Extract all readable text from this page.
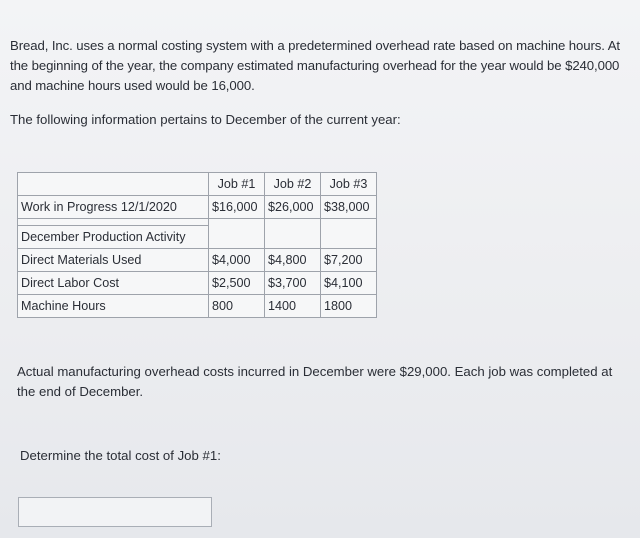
Bread, Inc. uses a normal costing system with a predetermined overhead rate based on machine hours. At the beginning of the year, the company estimated manufacturing overhead for the year would be $240,000 and machine hours used would be 16,000.
The following information pertains to December of the current year:
	Job #1	Job #2	Job #3
Work in Progress 12/1/2020	$16,000	$26,000	$38,000

December Production Activity			
Direct Materials Used	$4,000	$4,800	$7,200
Direct Labor Cost	$2,500	$3,700	$4,100
Machine Hours	800	1400	1800
Actual manufacturing overhead costs incurred in December were $29,000. Each job was completed at the end of December.
Determine the total cost of Job #1:
